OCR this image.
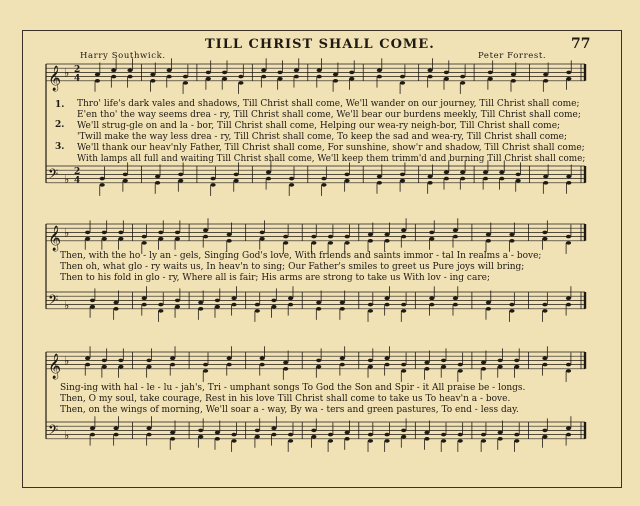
Harry Southwick.
TILL CHRIST SHALL COME.
Peter Forrest.
77
𝄞 ♭ 2
4
𝄢 ♭
2
4
𝄞 ♭
𝄢 ♭
𝄞 ♭
𝄢 ♭
1.
2.
3.
Thro' life's dark vales and shadows, Till Christ shall come, We'll wander on our journey, Till Christ shall come;
E'en tho' the way seems drea - ry, Till Christ shall come, We'll bear our burdens meekly, Till Christ shall come;
We'll strug-gle on and la - bor, Till Christ shall come, Helping our wea-ry neigh-bor, Till Christ shall come;
'Twill make the way less drea - ry, Till Christ shall come, To keep the sad and wea-ry, Till Christ shall come;
We'll thank our heav'nly Father, Till Christ shall come, For sunshine, show'r and shadow, Till Christ shall come;
With lamps all full and waiting Till Christ shall come, We'll keep them trimm'd and burning Till Christ shall come;
Then, with the ho - ly an - gels, Singing God's love, With friends and saints immor - tal In realms a - bove;
Then oh, what glo - ry waits us, In heav'n to sing; Our Father's smiles to greet us Pure joys will bring;
Then to his fold in glo - ry, Where all is fair; His arms are strong to take us With lov - ing care;
Sing-ing with hal - le - lu - jah's, Tri - umphant songs To God the Son and Spir - it All praise be - longs.
Then, O my soul, take courage, Rest in his love Till Christ shall come to take us To heav'n a - bove.
Then, on the wings of morning, We'll soar a - way, By wa - ters and green pastures, To end - less day.
